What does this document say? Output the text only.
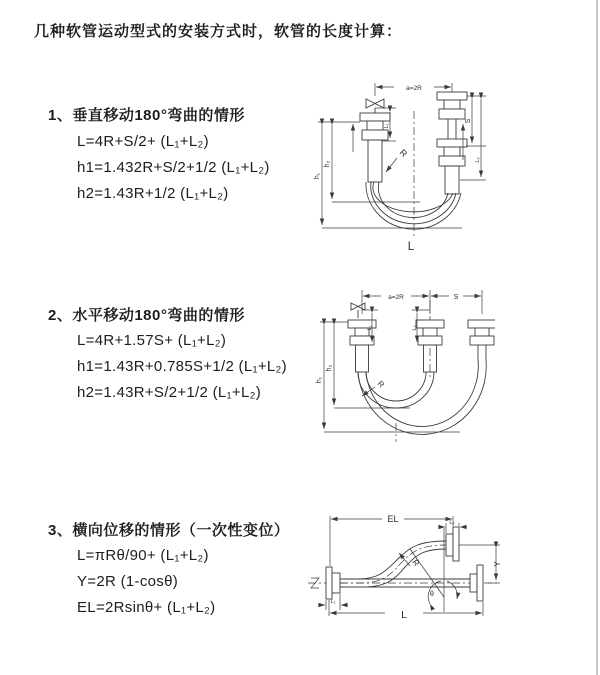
几种软管运动型式的安装方式时，软管的长度计算：
1、垂直移动180°弯曲的情形
L=4R+S/2+ (L₁+L₂)
h1=1.432R+S/2+1/2 (L₁+L₂)
h2=1.43R+1/2 (L₁+L₂)
2、水平移动180°弯曲的情形
L=4R+1.57S+ (L₁+L₂)
h1=1.43R+0.785S+1/2 (L₁+L₂)
h2=1.43R+S/2+1/2 (L₁+L₂)
3、横向位移的情形（一次性变位）
L=πRθ/90+ (L₁+L₂)
Y=2R (1-cosθ)
EL=2Rsinθ+ (L₁+L₂)
a=2R
L₁
h₁
h₂
S
L₂
R
L
a=2R	S
L₁	L₂
h₁
h₂
R
θ
EL	L₂
Y
L
L₁
R
